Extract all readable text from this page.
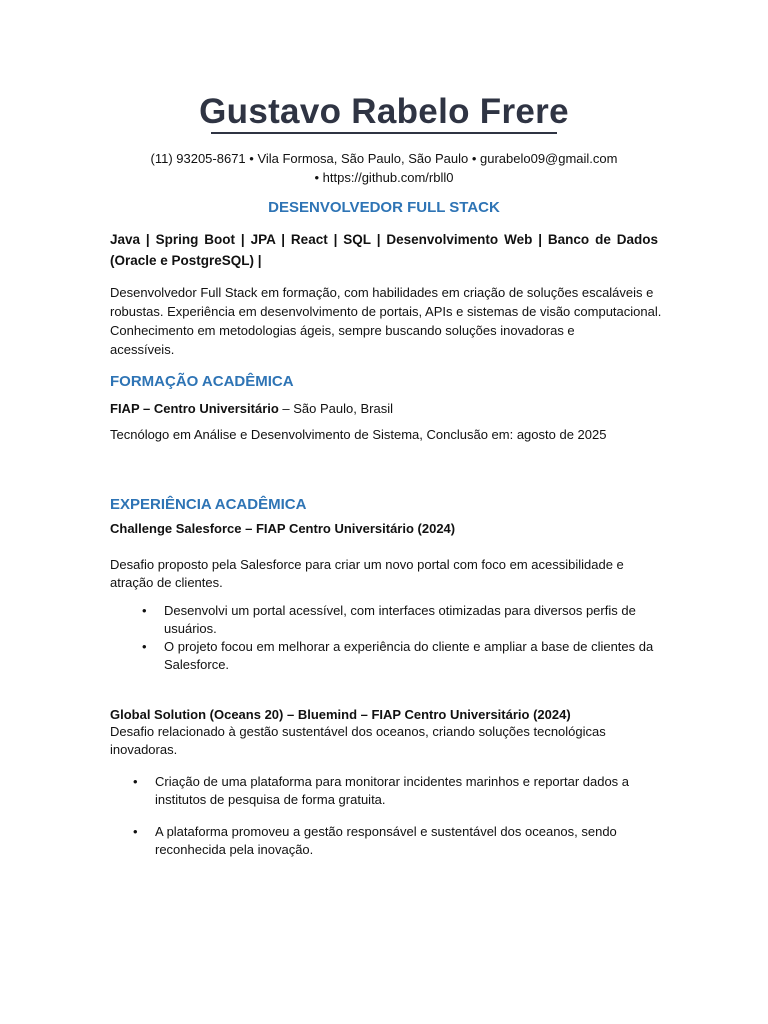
Gustavo Rabelo Frere
(11) 93205-8671 • Vila Formosa, São Paulo, São Paulo • gurabelo09@gmail.com
• https://github.com/rbll0
DESENVOLVEDOR FULL STACK
Java | Spring Boot | JPA | React | SQL | Desenvolvimento Web | Banco de Dados (Oracle e PostgreSQL) |
Desenvolvedor Full Stack em formação, com habilidades em criação de soluções escaláveis e
robustas. Experiência em desenvolvimento de portais, APIs e sistemas de visão computacional.
Conhecimento em metodologias ágeis, sempre buscando soluções inovadoras e
acessíveis.
FORMAÇÃO ACADÊMICA
FIAP – Centro Universitário – São Paulo, Brasil
Tecnólogo em Análise e Desenvolvimento de Sistema, Conclusão em: agosto de 2025
EXPERIÊNCIA ACADÊMICA
Challenge Salesforce – FIAP Centro Universitário (2024)
Desafio proposto pela Salesforce para criar um novo portal com foco em acessibilidade e
atração de clientes.
•	Desenvolvi um portal acessível, com interfaces otimizadas para diversos perfis de
usuários.
•	O projeto focou em melhorar a experiência do cliente e ampliar a base de clientes da
Salesforce.
Global Solution (Oceans 20) – Bluemind – FIAP Centro Universitário (2024)
Desafio relacionado à gestão sustentável dos oceanos, criando soluções tecnológicas
inovadoras.
•	Criação de uma plataforma para monitorar incidentes marinhos e reportar dados a
institutos de pesquisa de forma gratuita.
•	A plataforma promoveu a gestão responsável e sustentável dos oceanos, sendo
reconhecida pela inovação.
